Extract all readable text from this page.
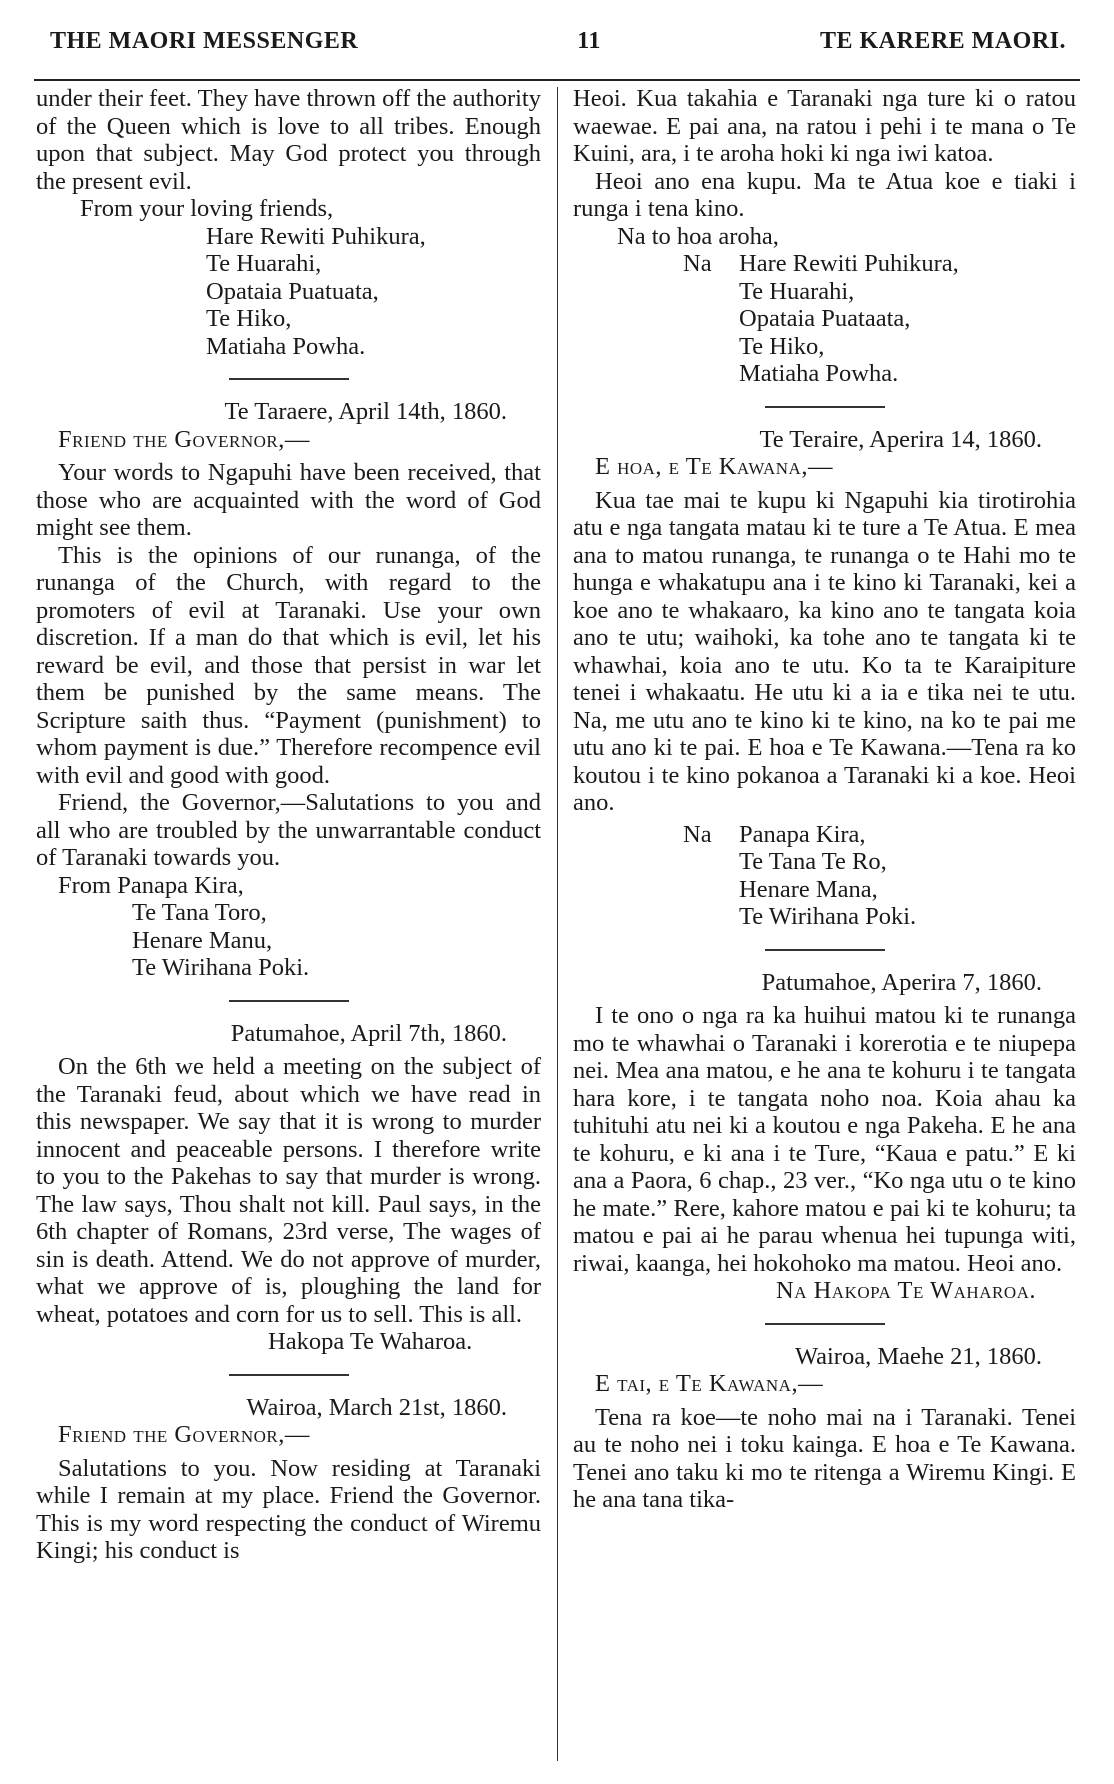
THE MAORI MESSENGER	11	TE KARERE MAORI.

under their feet. They have thrown off the authority of the Queen which is love to all tribes. Enough upon that subject. May God protect you through the present evil.

From your loving friends,

Hare Rewiti Puhikura,
Te Huarahi,
Opataia Puatuata,
Te Hiko,
Matiaha Powha.

Te Taraere, April 14th, 1860.

Friend the Governor,—

Your words to Ngapuhi have been received, that those who are acquainted with the word of God might see them.

This is the opinions of our runanga, of the runanga of the Church, with regard to the promoters of evil at Taranaki. Use your own discretion. If a man do that which is evil, let his reward be evil, and those that persist in war let them be punished by the same means. The Scripture saith thus. “Payment (punishment) to whom payment is due.” Therefore recompence evil with evil and good with good.

Friend, the Governor,—Salutations to you and all who are troubled by the unwarrantable conduct of Taranaki towards you.

From Panapa Kira,

Te Tana Toro,
Henare Manu,
Te Wirihana Poki.

Patumahoe, April 7th, 1860.

On the 6th we held a meeting on the subject of the Taranaki feud, about which we have read in this newspaper. We say that it is wrong to murder innocent and peaceable persons. I therefore write to you to the Pakehas to say that murder is wrong. The law says, Thou shalt not kill. Paul says, in the 6th chapter of Romans, 23rd verse, The wages of sin is death. Attend. We do not approve of murder, what we approve of is, ploughing the land for wheat, potatoes and corn for us to sell. This is all.

Hakopa Te Waharoa.

Wairoa, March 21st, 1860.

Friend the Governor,—

Salutations to you. Now residing at Taranaki while I remain at my place. Friend the Governor. This is my word respecting the conduct of Wiremu Kingi; his conduct is

Heoi. Kua takahia e Taranaki nga ture ki o ratou waewae. E pai ana, na ratou i pehi i te mana o Te Kuini, ara, i te aroha hoki ki nga iwi katoa.

Heoi ano ena kupu. Ma te Atua koe e tiaki i runga i tena kino.

Na to hoa aroha,

Na	Hare Rewiti Puhikura,
Te Huarahi,
Opataia Puataata,
Te Hiko,
Matiaha Powha.

Te Teraire, Aperira 14, 1860.

E hoa, e Te Kawana,—

Kua tae mai te kupu ki Ngapuhi kia tirotirohia atu e nga tangata matau ki te ture a Te Atua. E mea ana to matou runanga, te runanga o te Hahi mo te hunga e whakatupu ana i te kino ki Taranaki, kei a koe ano te whakaaro, ka kino ano te tangata koia ano te utu; waihoki, ka tohe ano te tangata ki te whawhai, koia ano te utu. Ko ta te Karaipiture tenei i whakaatu. He utu ki a ia e tika nei te utu. Na, me utu ano te kino ki te kino, na ko te pai me utu ano ki te pai. E hoa e Te Kawana.—Tena ra ko koutou i te kino pokanoa a Taranaki ki a koe. Heoi ano.

Na	Panapa Kira,
Te Tana Te Ro,
Henare Mana,
Te Wirihana Poki.

Patumahoe, Aperira 7, 1860.

I te ono o nga ra ka huihui matou ki te runanga mo te whawhai o Taranaki i korerotia e te niupepa nei. Mea ana matou, e he ana te kohuru i te tangata hara kore, i te tangata noho noa. Koia ahau ka tuhituhi atu nei ki a koutou e nga Pakeha. E he ana te kohuru, e ki ana i te Ture, “Kaua e patu.” E ki ana a Paora, 6 chap., 23 ver., “Ko nga utu o te kino he mate.” Rere, kahore matou e pai ki te kohuru; ta matou e pai ai he parau whenua hei tupunga witi, riwai, kaanga, hei hokohoko ma matou. Heoi ano.

Na Hakopa Te Waharoa.

Wairoa, Maehe 21, 1860.

E tai, e Te Kawana,—

Tena ra koe—te noho mai na i Taranaki. Tenei au te noho nei i toku kainga. E hoa e Te Kawana. Tenei ano taku ki mo te ritenga a Wiremu Kingi. E he ana tana tika-
